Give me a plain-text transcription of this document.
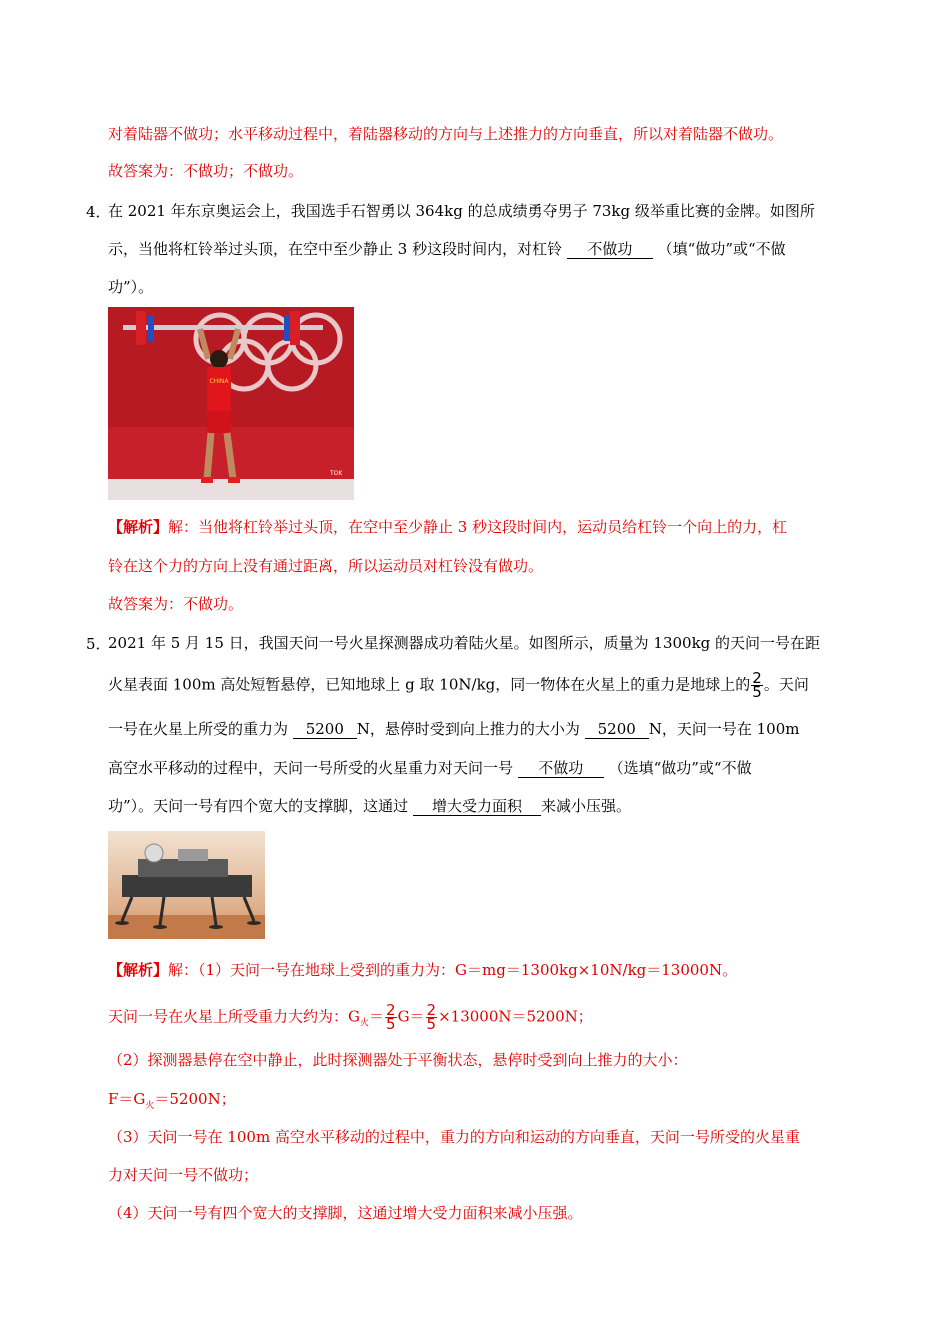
对着陆器不做功；水平移动过程中，着陆器移动的方向与上述推力的方向垂直，所以对着陆器不做功。
故答案为：不做功；不做功。
4．
在 2021 年东京奥运会上，我国选手石智勇以 364kg 的总成绩勇夺男子 73kg 级举重比赛的金牌。如图所
示，当他将杠铃举过头顶，在空中至少静止 3 秒这段时间内，对杠铃 不做功 （填“做功”或“不做
功”）。
CHINA
TOK
【解析】解：当他将杠铃举过头顶，在空中至少静止 3 秒这段时间内，运动员给杠铃一个向上的力，杠
铃在这个力的方向上没有通过距离，所以运动员对杠铃没有做功。
故答案为：不做功。
5．
2021 年 5 月 15 日，我国天问一号火星探测器成功着陆火星。如图所示，质量为 1300kg 的天问一号在距
火星表面 100m 高处短暂悬停，已知地球上 g 取 10N/kg，同一物体在火星上的重力是地球上的 $\frac{2}{5}$ 。天问
一号在火星上所受的重力为 5200 N，悬停时受到向上推力的大小为 5200 N，天问一号在 100m
高空水平移动的过程中，天问一号所受的火星重力对天问一号 不做功 （选填“做功”或“不做
功”）。天问一号有四个宽大的支撑脚，这通过 增大受力面积 来减小压强。
【解析】解：（1）天问一号在地球上受到的重力为：G＝mg＝1300kg×10N/kg＝13000N。
天问一号在火星上所受重力大约为：$G_火= \frac{2}{5} G= \frac{2}{5} \times 13000N=5200N$；
（2）探测器悬停在空中静止，此时探测器处于平衡状态，悬停时受到向上推力的大小：
$F=G_火=5200N$；
（3）天问一号在 100m 高空水平移动的过程中，重力的方向和运动的方向垂直，天问一号所受的火星重
力对天问一号不做功；
（4）天问一号有四个宽大的支撑脚，这通过增大受力面积来减小压强。
